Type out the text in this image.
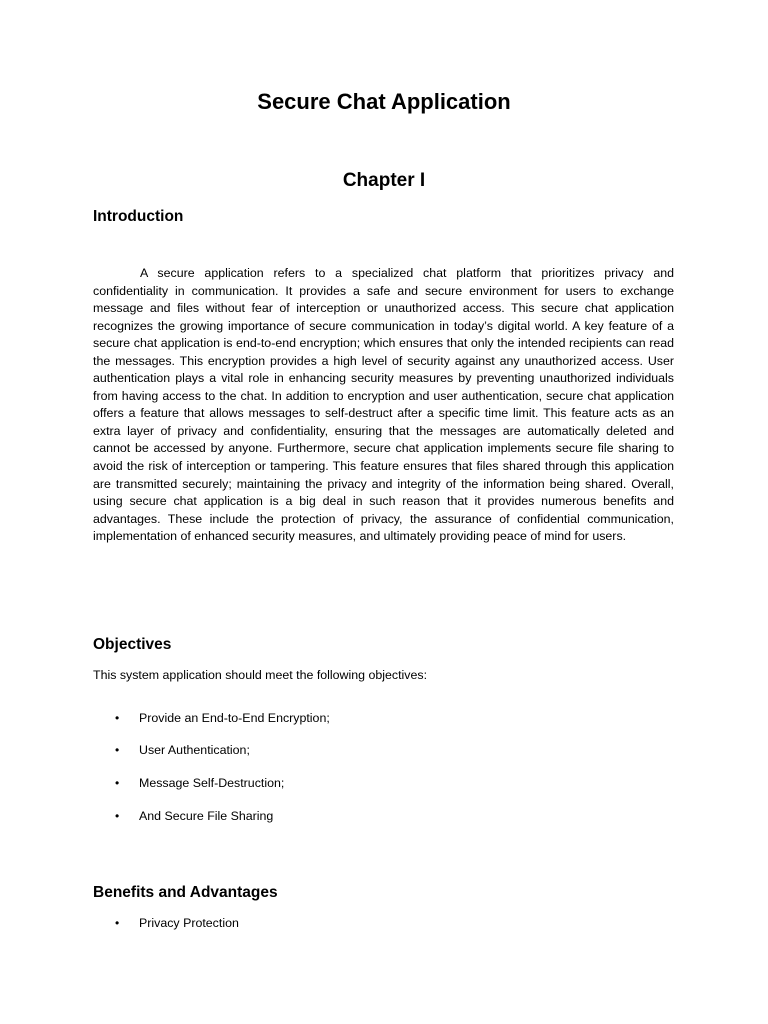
Secure Chat Application
Chapter I
Introduction

A secure application refers to a specialized chat platform that prioritizes privacy and confidentiality in communication. It provides a safe and secure environment for users to exchange message and files without fear of interception or unauthorized access. This secure chat application recognizes the growing importance of secure communication in today’s digital world. A key feature of a secure chat application is end-to-end encryption; which ensures that only the intended recipients can read the messages. This encryption provides a high level of security against any unauthorized access. User authentication plays a vital role in enhancing security measures by preventing unauthorized individuals from having access to the chat. In addition to encryption and user authentication, secure chat application offers a feature that allows messages to self-destruct after a specific time limit. This feature acts as an extra layer of privacy and confidentiality, ensuring that the messages are automatically deleted and cannot be accessed by anyone. Furthermore, secure chat application implements secure file sharing to avoid the risk of interception or tampering. This feature ensures that files shared through this application are transmitted securely; maintaining the privacy and integrity of the information being shared. Overall, using secure chat application is a big deal in such reason that it provides numerous benefits and advantages. These include the protection of privacy, the assurance of confidential communication, implementation of enhanced security measures, and ultimately providing peace of mind for users.

Objectives

This system application should meet the following objectives:

• Provide an End-to-End Encryption;
• User Authentication;
• Message Self-Destruction;
• And Secure File Sharing
Benefits and Advantages
• Privacy Protection
